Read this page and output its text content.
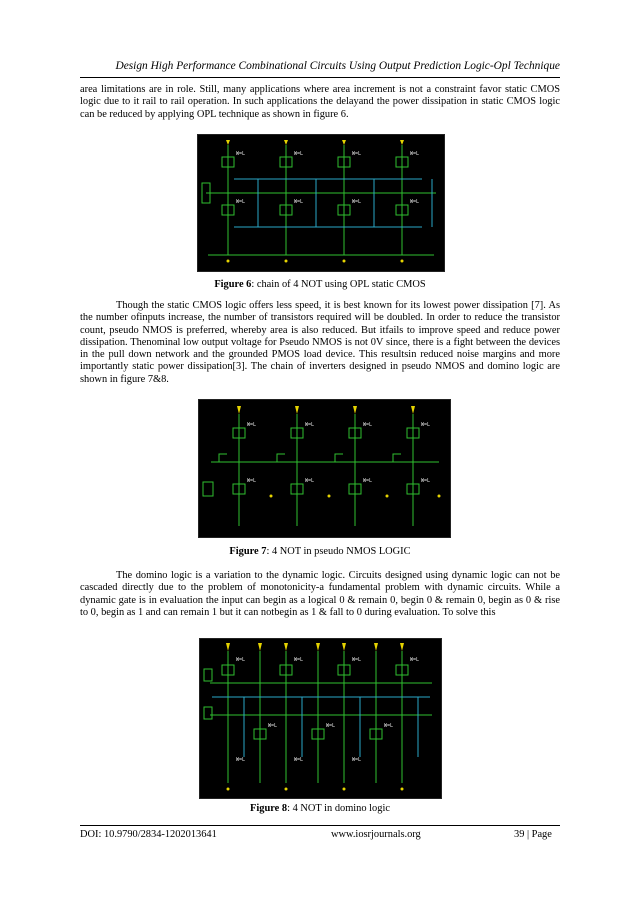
Design High Performance Combinational Circuits Using Output Prediction Logic-Opl Technique

area limitations are in role. Still, many applications where area increment is not a constraint favor static CMOS logic due to it rail to rail operation. In such applications the delayand the power dissipation in static CMOS logic can be reduced by applying OPL technique as shown in figure 6.

W=L	W=L	W=L	W=L
W=L	W=L	W=L	W=L
Figure 6: chain of 4 NOT using OPL static CMOS

Though the static CMOS logic offers less speed, it is best known for its lowest power dissipation [7]. As the number ofinputs increase, the number of transistors required will be doubled. In order to reduce the transistor count, pseudo NMOS is preferred, whereby area is also reduced. But itfails to improve speed and reduce power dissipation. Thenominal low output voltage for Pseudo NMOS is not 0V since, there is a fight between the devices in the pull down network and the grounded PMOS load device. This resultsin reduced noise margins and more importantly static power dissipation[3]. The chain of inverters designed in pseudo NMOS and domino logic are shown in figure 7&8.

W=L	W=L	W=L	W=L
W=L	W=L	W=L	W=L
Figure 7: 4 NOT in pseudo NMOS LOGIC

The domino logic is a variation to the dynamic logic. Circuits designed using dynamic logic can not be cascaded directly due to the problem of monotonicity-a fundamental problem with dynamic circuits. While a dynamic gate is in evaluation the input can begin as a logical 0 & remain 0, begin 0 & remain 0, begin as 0 & rise to 0, begin as 1 and can remain 1 but it can notbegin as 1 & fall to 0 during evaluation. To solve this

W=L	W=L	W=L	W=L
W=L	W=L	W=L
W=L	W=L	W=L
Figure 8: 4 NOT in domino logic
DOI: 10.9790/2834-1202013641	www.iosrjournals.org	39 | Page
